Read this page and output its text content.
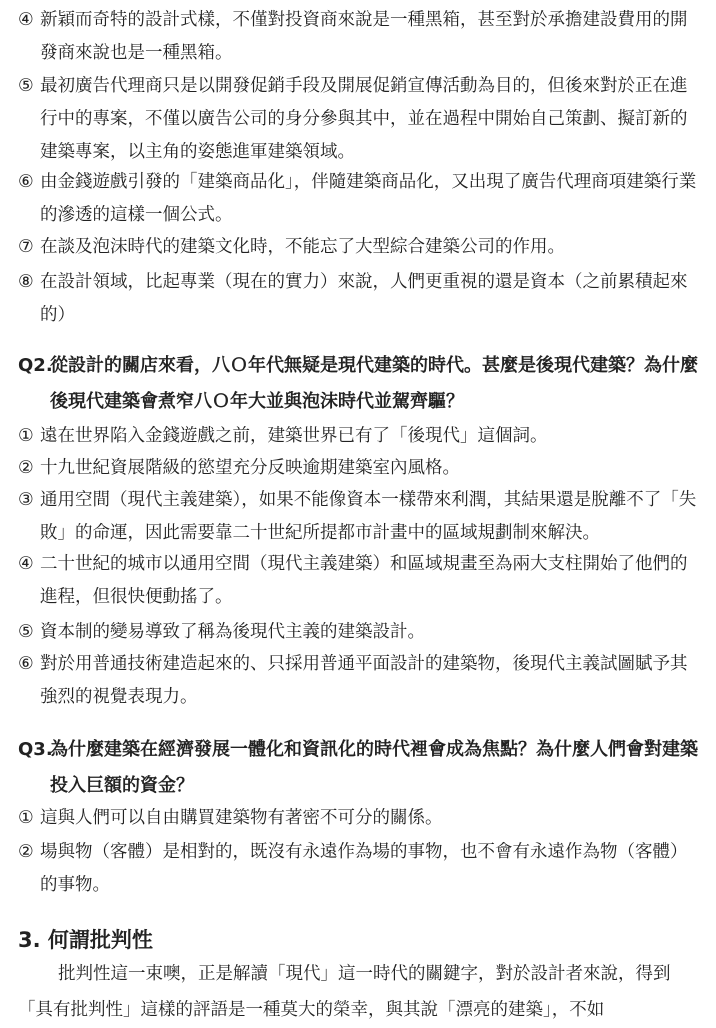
④ 新穎而奇特的設計式樣，不僅對投資商來說是一種黑箱，甚至對於承擔建設費用的開發商來說也是一種黑箱。
⑤ 最初廣告代理商只是以開發促銷手段及開展促銷宣傳活動為目的，但後來對於正在進行中的專案，不僅以廣告公司的身分參與其中，並在過程中開始自己策劃、擬訂新的建築專案，以主角的姿態進軍建築領域。
⑥ 由金錢遊戲引發的「建築商品化」，伴隨建築商品化，又出現了廣告代理商項建築行業的滲透的這樣一個公式。
⑦ 在談及泡沫時代的建築文化時，不能忘了大型綜合建築公司的作用。
⑧ 在設計領域，比起專業（現在的實力）來說，人們更重視的還是資本（之前累積起來的）
Q2.
從設計的關店來看，八Ｏ年代無疑是現代建築的時代。甚麼是後現代建築？為什麼後現代建築會煮窄八Ｏ年大並與泡沫時代並駕齊驅？
① 遠在世界陷入金錢遊戲之前，建築世界已有了「後現代」這個詞。
② 十九世紀資展階級的慾望充分反映逾期建築室內風格。
③ 通用空間（現代主義建築），如果不能像資本一樣帶來利潤，其結果還是脫離不了「失敗」的命運，因此需要靠二十世紀所提都市計畫中的區域規劃制來解決。
④ 二十世紀的城市以通用空間（現代主義建築）和區域規畫至為兩大支柱開始了他們的進程，但很快便動搖了。
⑤ 資本制的變易導致了稱為後現代主義的建築設計。
⑥ 對於用普通技術建造起來的、只採用普通平面設計的建築物，後現代主義試圖賦予其強烈的視覺表現力。
Q3.
為什麼建築在經濟發展一體化和資訊化的時代裡會成為焦點？為什麼人們會對建築投入巨額的資金？
① 這與人們可以自由購買建築物有著密不可分的關係。
② 場與物（客體）是相對的，既沒有永遠作為場的事物，也不會有永遠作為物（客體）的事物。
3. 何謂批判性
批判性這一束噢，正是解讀「現代」這一時代的關鍵字，對於設計者來說，得到「具有批判性」這樣的評語是一種莫大的榮幸，與其說「漂亮的建築」，不如
